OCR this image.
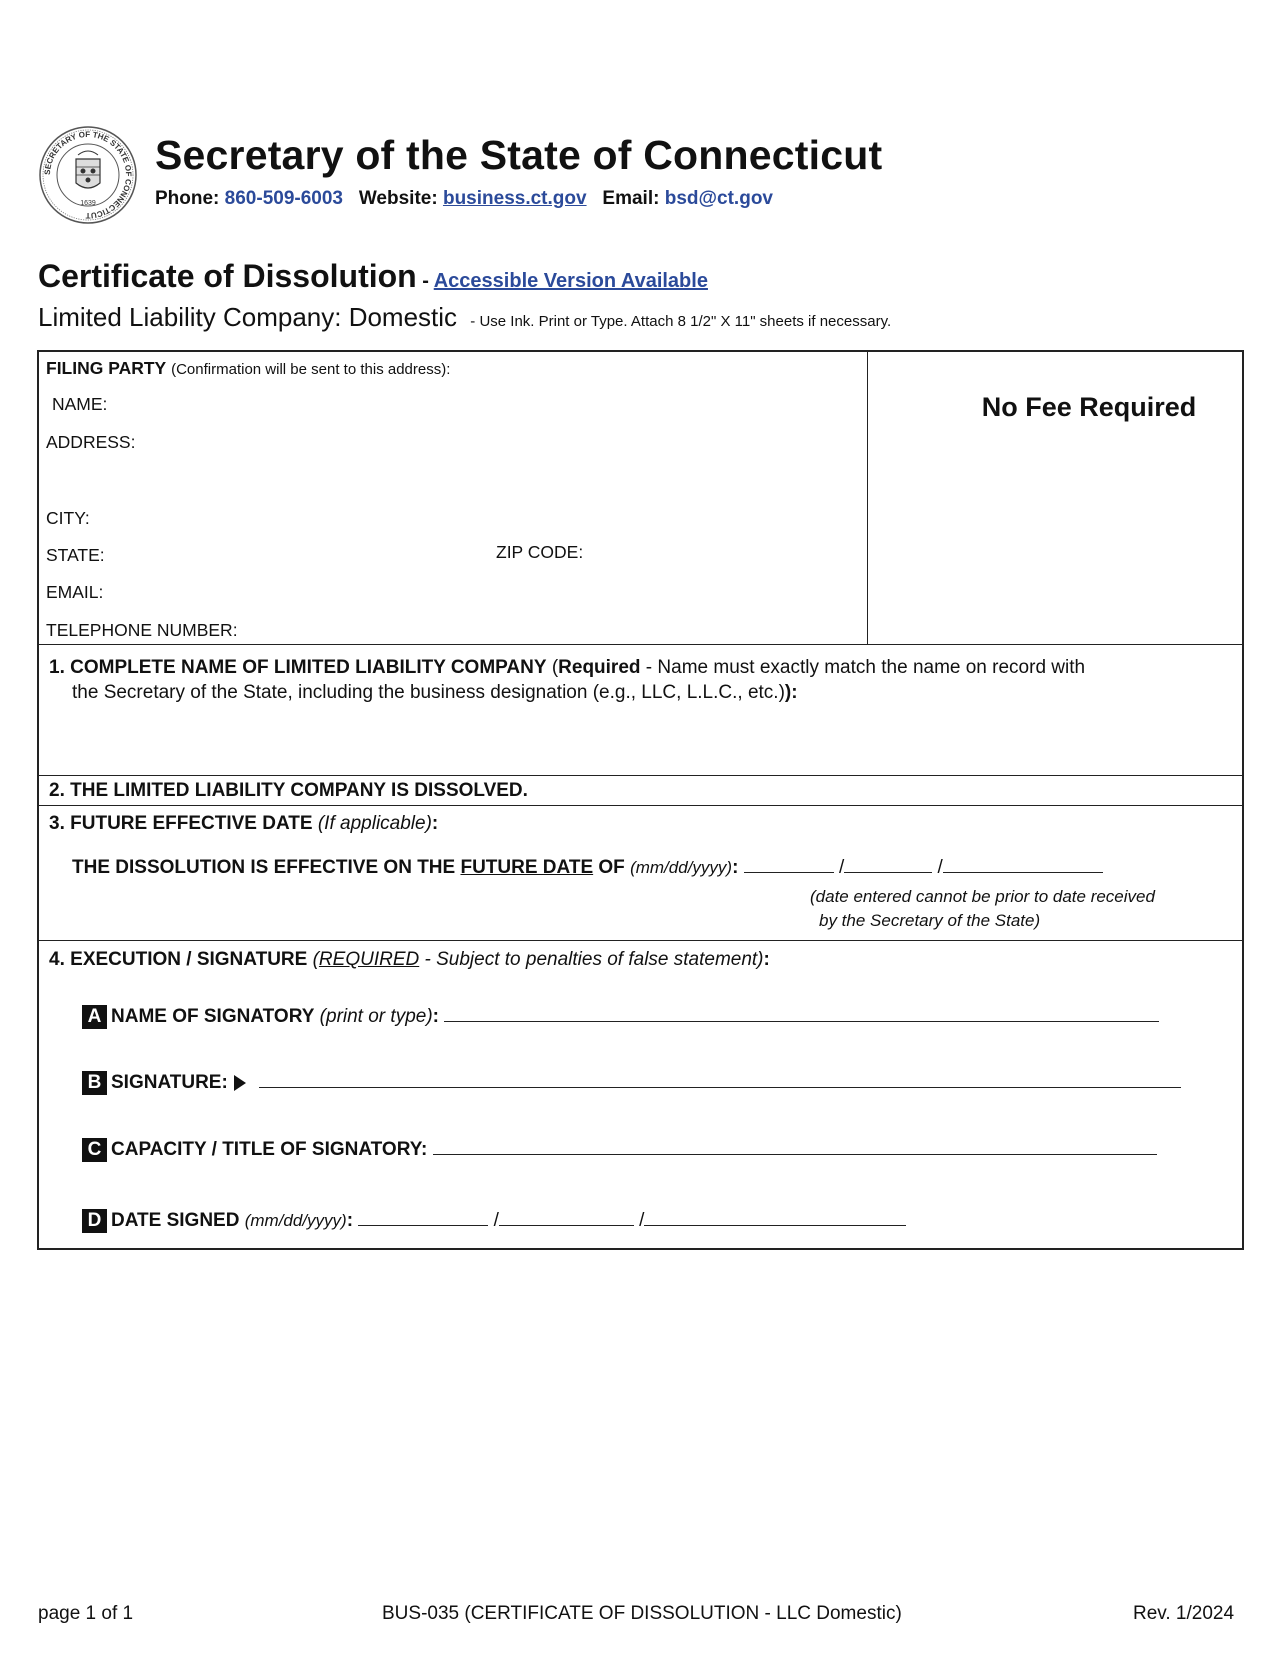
SECRETARY OF THE STATE OF CONNECTICUT
1639
Secretary of the State of Connecticut
Phone: 860-509-6003 Website: business.ct.gov Email: bsd@ct.gov
Certificate of Dissolution - Accessible Version Available
Limited Liability Company: Domestic - Use Ink. Print or Type. Attach 8 1/2" X 11" sheets if necessary.
FILING PARTY (Confirmation will be sent to this address):
NAME:
ADDRESS:
CITY:
STATE:	ZIP CODE:
EMAIL:
TELEPHONE NUMBER:
No Fee Required
1. COMPLETE NAME OF LIMITED LIABILITY COMPANY (Required - Name must exactly match the name on record with
the Secretary of the State, including the business designation (e.g., LLC, L.L.C., etc.)):
2. THE LIMITED LIABILITY COMPANY IS DISSOLVED.
3. FUTURE EFFECTIVE DATE (If applicable):
THE DISSOLUTION IS EFFECTIVE ON THE FUTURE DATE OF (mm/dd/yyyy):	/	/
(date entered cannot be prior to date received
by the Secretary of the State)
4. EXECUTION / SIGNATURE (REQUIRED - Subject to penalties of false statement):
A NAME OF SIGNATORY (print or type):
B SIGNATURE:
C CAPACITY / TITLE OF SIGNATORY:
D DATE SIGNED (mm/dd/yyyy):	/	/
page 1 of 1	BUS-035 (CERTIFICATE OF DISSOLUTION - LLC Domestic)	Rev. 1/2024
